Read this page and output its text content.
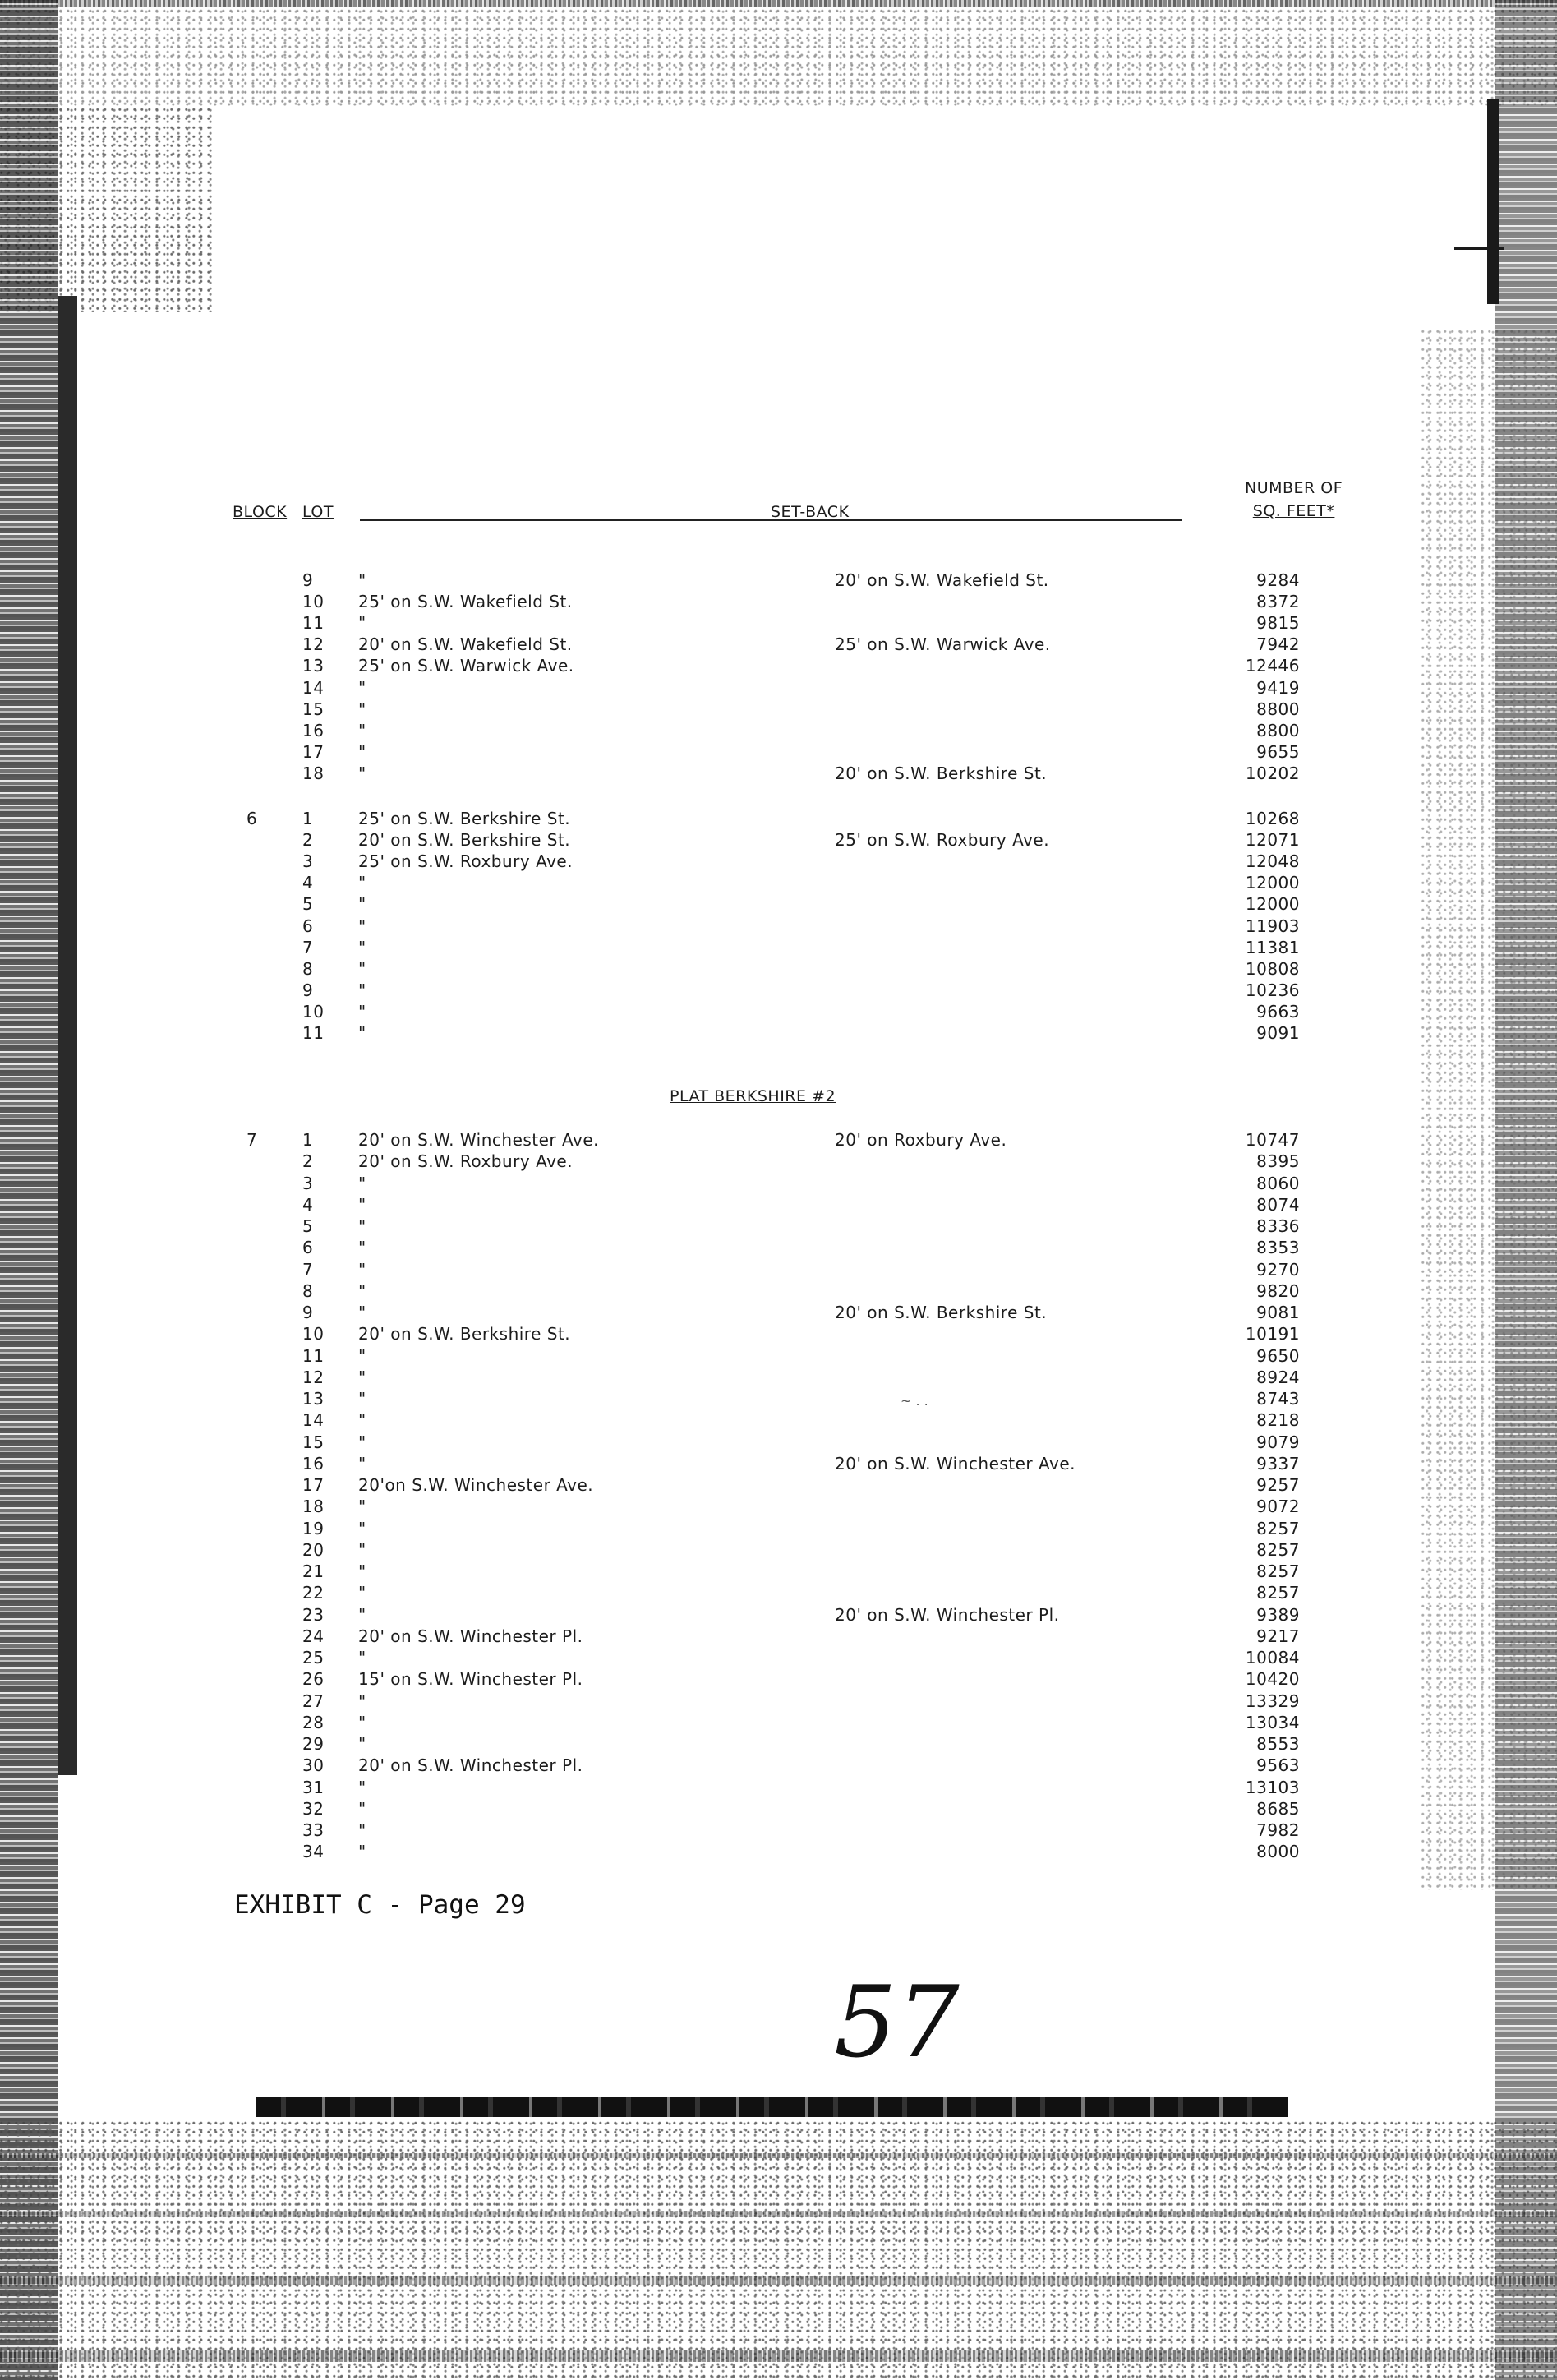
BLOCK LOT	SET-BACK
NUMBER OF
SQ. FEET*
9	"	20' on S.W. Wakefield St.	9284
10 25' on S.W. Wakefield St.	8372
11 "	9815
12 20' on S.W. Wakefield St.	25' on S.W. Warwick Ave.	7942
13 25' on S.W. Warwick Ave.	12446
14 "	9419
15 "	8800
16 "	8800
17 "	9655
18 "	20' on S.W. Berkshire St.	10202
6	1	25' on S.W. Berkshire St.	10268
2	20' on S.W. Berkshire St.	25' on S.W. Roxbury Ave.	12071
3	25' on S.W. Roxbury Ave.	12048
4	"	12000
5	"	12000
6	"	11903
7	"	11381
8	"	10808
9	"	10236
10 "	9663
11 "	9091
PLAT BERKSHIRE #2
7	1	20' on S.W. Winchester Ave.	20' on Roxbury Ave.	10747
2	20' on S.W. Roxbury Ave.	8395
3	"	8060
4	"	8074
5	"	8336
6	"	8353
7	"	9270
8	"	9820
9	"	20' on S.W. Berkshire St.	9081
10 20' on S.W. Berkshire St.	10191
11 "	9650
12 "	8924
13 "	8743
14 "	8218
15 "	9079
16 "	20' on S.W. Winchester Ave.	9337
17 20'on S.W. Winchester Ave.	9257
18 "	9072
19 "	8257
20 "	8257
21 "	8257
22 "	8257
23 "	20' on S.W. Winchester Pl.	9389
24 20' on S.W. Winchester Pl.	9217
25 "	10084
26 15' on S.W. Winchester Pl.	10420
27 "	13329
28 "	13034
29 "	8553
30 20' on S.W. Winchester Pl.	9563
31 "	13103
32 "	8685
33 "	7982
34 "	8000
~ . .
EXHIBIT C - Page 29
57
